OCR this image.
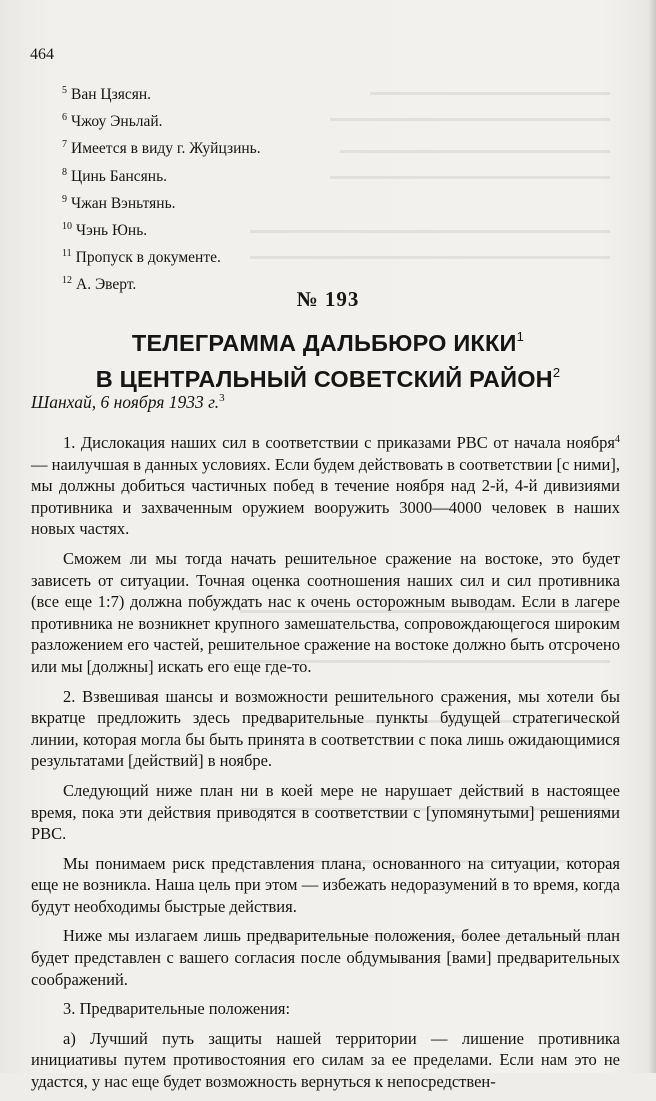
464
$^5$ Ван Цзясян.
$^6$ Чжоу Эньлай.
$^7$ Имеется в виду г. Жуйцзинь.
$^8$ Цинь Бансянь.
$^9$ Чжан Вэньтянь.
$^{10}$ Чэнь Юнь.
$^{11}$ Пропуск в документе.
$^{12}$ А. Эверт.
№ 193
ТЕЛЕГРАММА ДАЛЬБЮРО ИККИ$^1$
В ЦЕНТРАЛЬНЫЙ СОВЕТСКИЙ РАЙОН$^2$
Шанхай, 6 ноября 1933 г.$^3$

1. Дислокация наших сил в соответствии с приказами РВС от начала ноября$^4$ — наилучшая в данных условиях. Если будем действовать в соответствии [с ними], мы должны добиться частичных побед в течение ноября над 2-й, 4-й дивизиями противника и захваченным оружием вооружить 3000—4000 человек в наших новых частях.

Сможем ли мы тогда начать решительное сражение на востоке, это будет зависеть от ситуации. Точная оценка соотношения наших сил и сил противника (все еще 1:7) должна побуждать нас к очень осторожным выводам. Если в лагере противника не возникнет крупного замешательства, сопровождающегося широким разложением его частей, решительное сражение на востоке должно быть отсрочено или мы [должны] искать его еще где-то.

2. Взвешивая шансы и возможности решительного сражения, мы хотели бы вкратце предложить здесь предварительные пункты будущей стратегической линии, которая могла бы быть принята в соответствии с пока лишь ожидающимися результатами [действий] в ноябре.

Следующий ниже план ни в коей мере не нарушает действий в настоящее время, пока эти действия приводятся в соответствии с [упомянутыми] решениями РВС.

Мы понимаем риск представления плана, основанного на ситуации, которая еще не возникла. Наша цель при этом — избежать недоразумений в то время, когда будут необходимы быстрые действия.

Ниже мы излагаем лишь предварительные положения, более детальный план будет представлен с вашего согласия после обдумывания [вами] предварительных соображений.

3. Предварительные положения:

а) Лучший путь защиты нашей территории — лишение противника инициативы путем противостояния его силам за ее пределами. Если нам это не удастся, у нас еще будет возможность вернуться к непосредствен-
